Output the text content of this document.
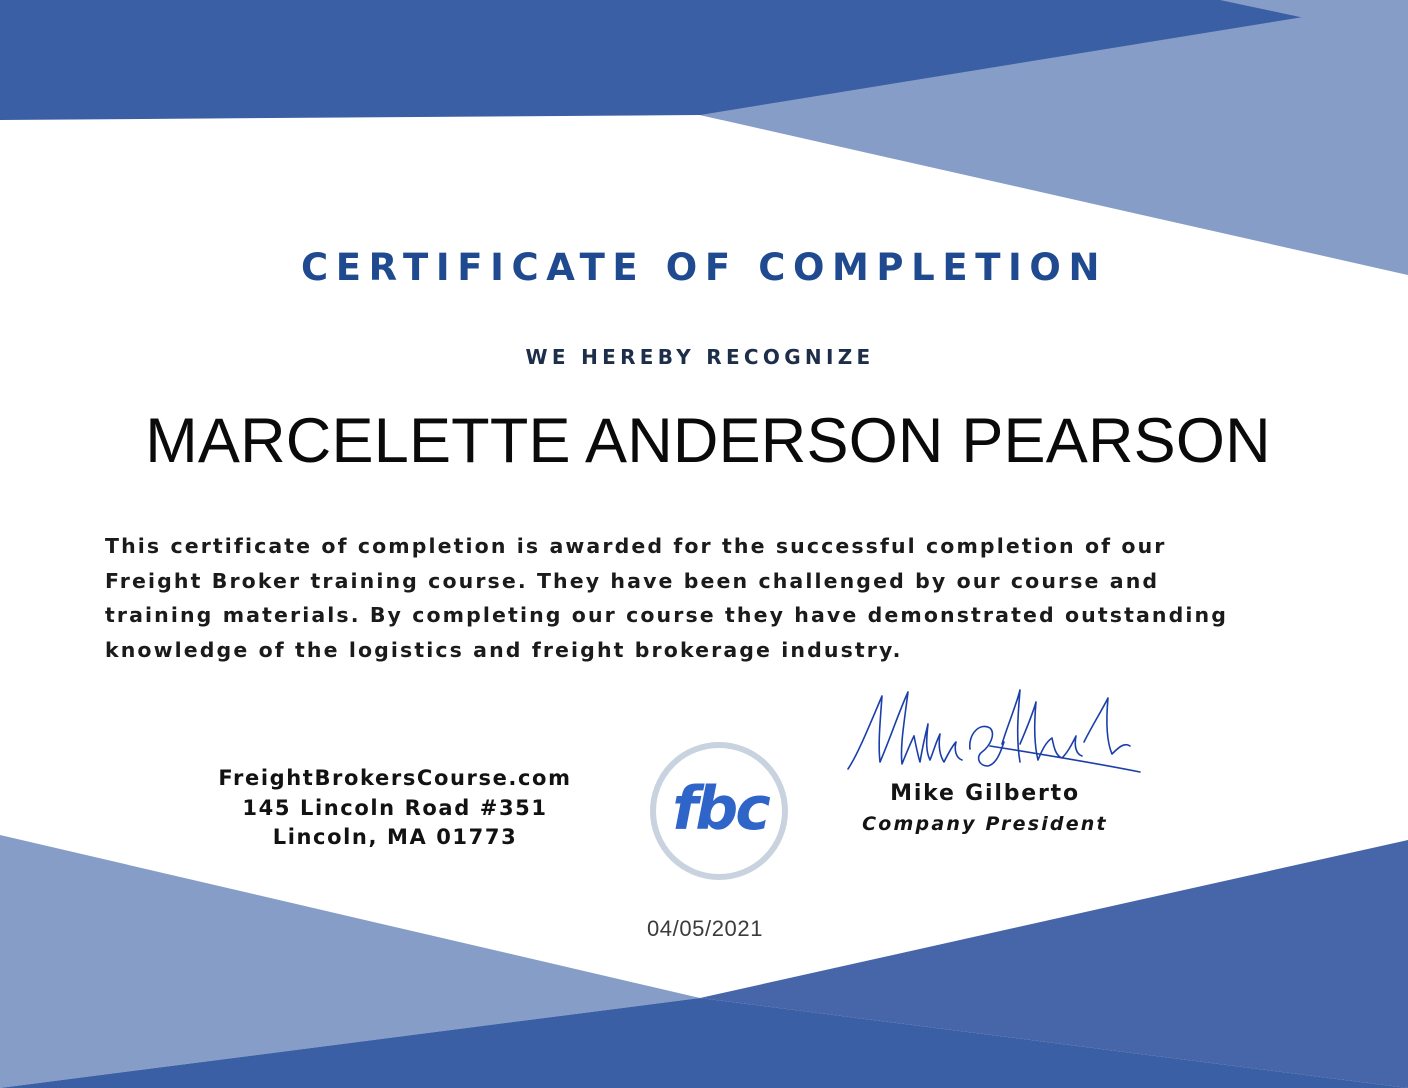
CERTIFICATE OF COMPLETION
WE HEREBY RECOGNIZE
MARCELETTE ANDERSON PEARSON
This certificate of completion is awarded for the successful completion of our
Freight Broker training course. They have been challenged by our course and
training materials. By completing our course they have demonstrated outstanding
knowledge of the logistics and freight brokerage industry.
FreightBrokersCourse.com
145 Lincoln Road #351
Lincoln, MA 01773	fbc	Mike Gilberto
Company President
04/05/2021
